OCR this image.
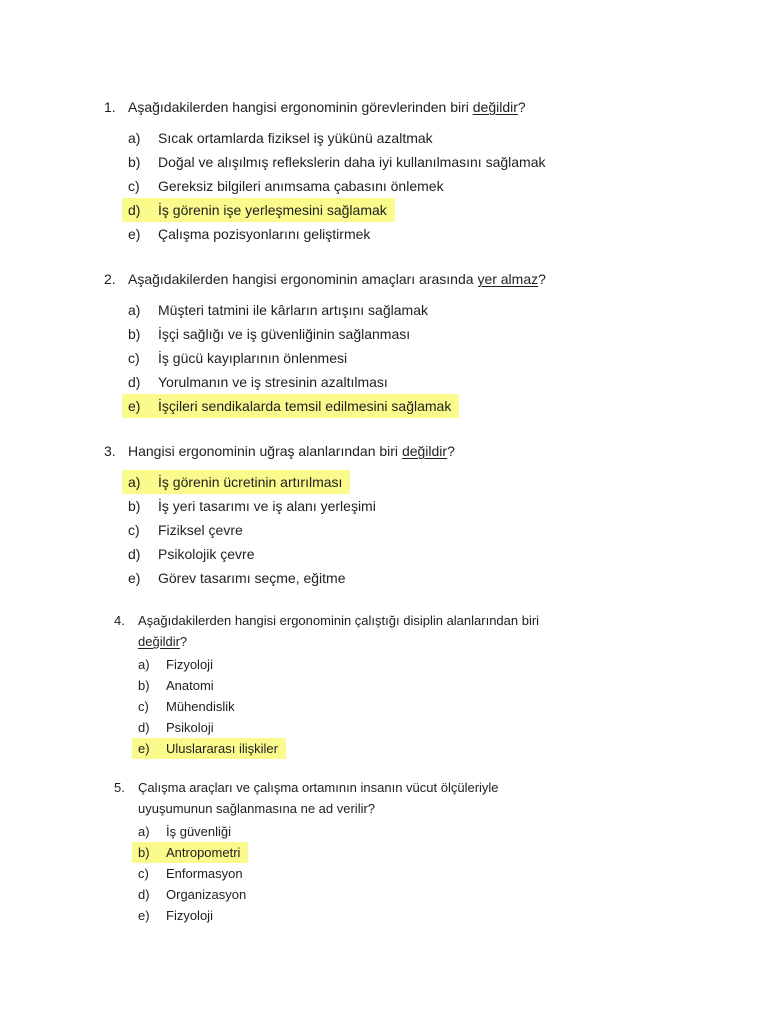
1. Aşağıdakilerden hangisi ergonominin görevlerinden biri değildir?
a)	Sıcak ortamlarda fiziksel iş yükünü azaltmak
b)	Doğal ve alışılmış reflekslerin daha iyi kullanılmasını sağlamak
c)	Gereksiz bilgileri anımsama çabasını önlemek
d)	İş görenin işe yerleşmesini sağlamak
e)	Çalışma pozisyonlarını geliştirmek
2. Aşağıdakilerden hangisi ergonominin amaçları arasında yer almaz?
a)	Müşteri tatmini ile kârların artışını sağlamak
b)	İşçi sağlığı ve iş güvenliğinin sağlanması
c)	İş gücü kayıplarının önlenmesi
d)	Yorulmanın ve iş stresinin azaltılması
e)	İşçileri sendikalarda temsil edilmesini sağlamak
3. Hangisi ergonominin uğraş alanlarından biri değildir?
a)	İş görenin ücretinin artırılması
b)	İş yeri tasarımı ve iş alanı yerleşimi
c)	Fiziksel çevre
d)	Psikolojik çevre
e)	Görev tasarımı seçme, eğitme
4.	Aşağıdakilerden hangisi ergonominin çalıştığı disiplin alanlarından biri
değildir?
a)	Fizyoloji
b)	Anatomi
c)	Mühendislik
d)	Psikoloji
e)	Uluslararası ilişkiler
5.	Çalışma araçları ve çalışma ortamının insanın vücut ölçüleriyle
uyuşumunun sağlanmasına ne ad verilir?
a)	İş güvenliği
b)	Antropometri
c)	Enformasyon
d)	Organizasyon
e)	Fizyoloji
